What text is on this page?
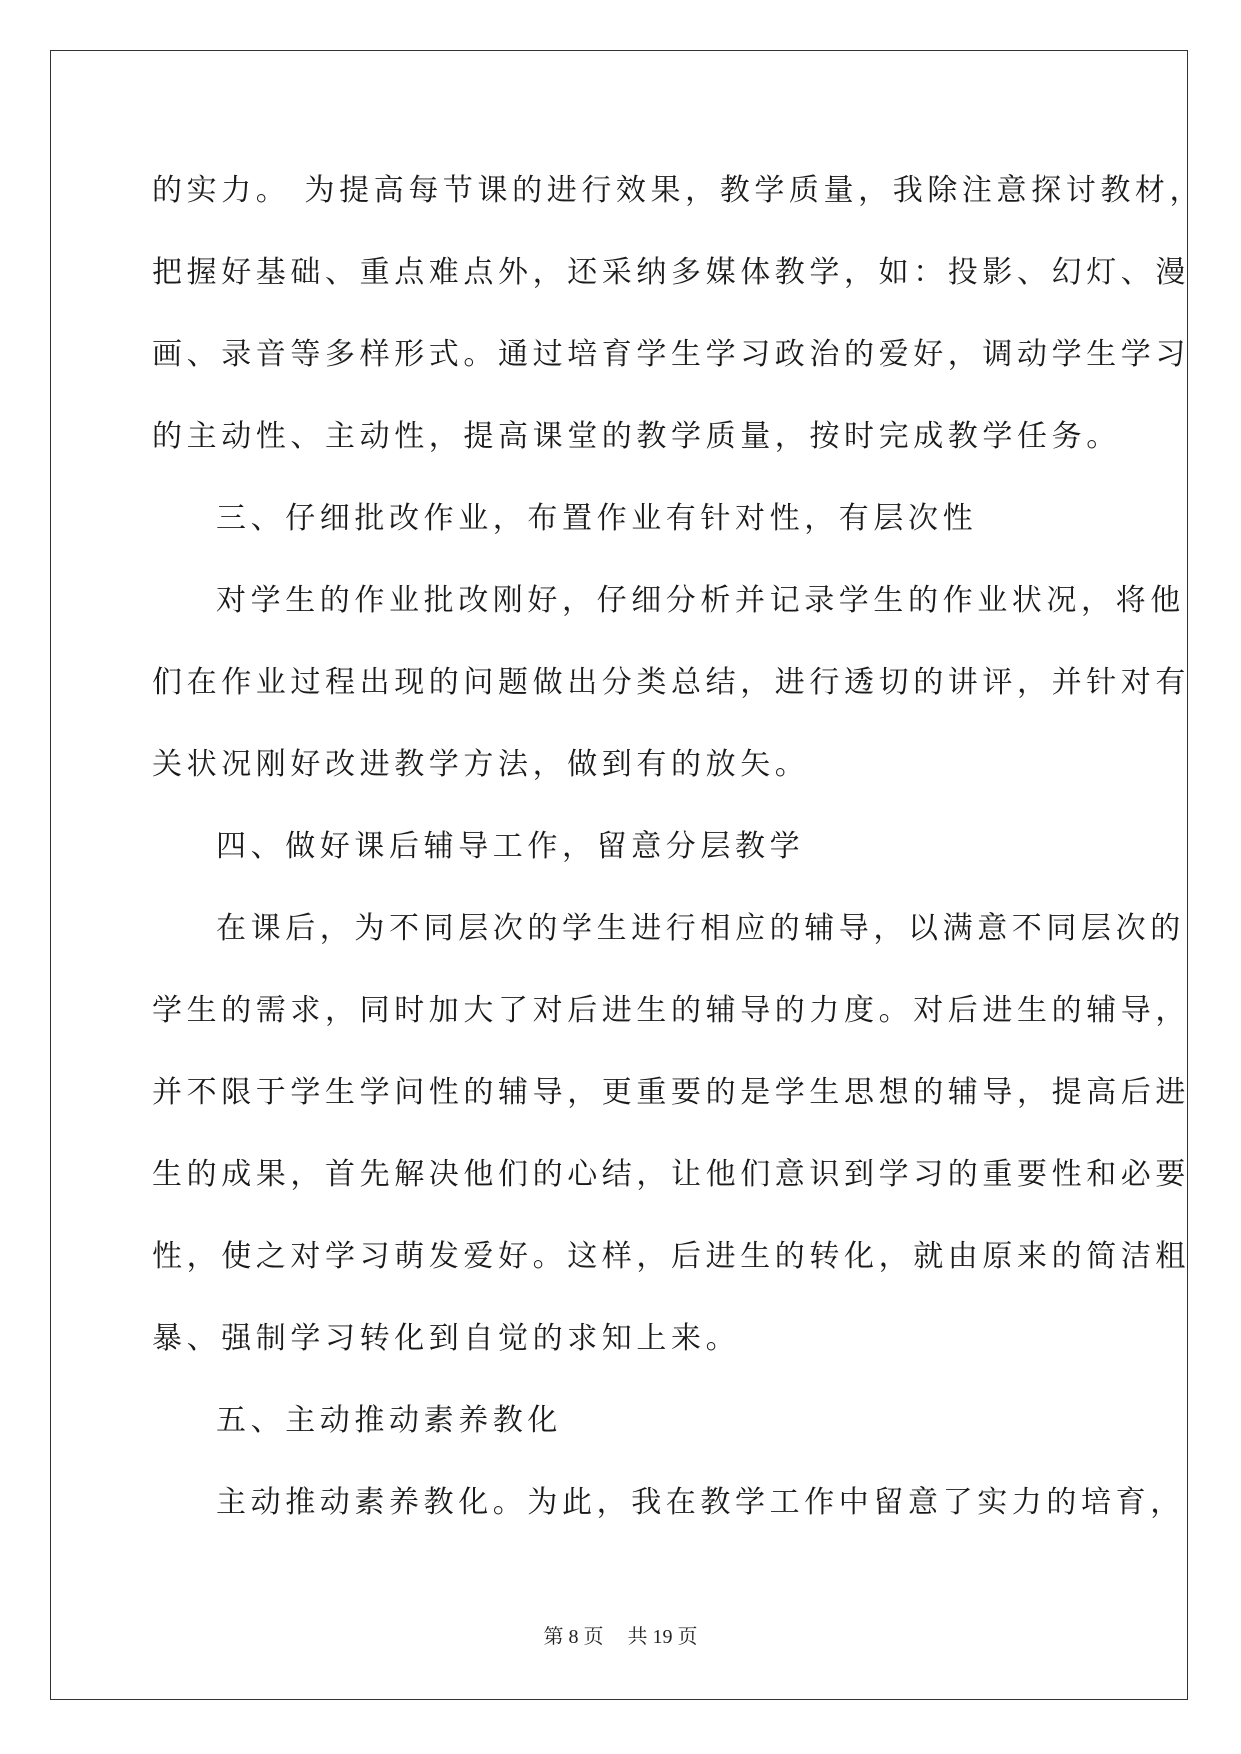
的实力。 为提高每节课的进行效果，教学质量，我除注意探讨教材，
把握好基础、重点难点外，还采纳多媒体教学，如：投影、幻灯、漫
画、录音等多样形式。通过培育学生学习政治的爱好，调动学生学习
的主动性、主动性，提高课堂的教学质量，按时完成教学任务。
三、仔细批改作业，布置作业有针对性，有层次性
对学生的作业批改刚好，仔细分析并记录学生的作业状况，将他
们在作业过程出现的问题做出分类总结，进行透切的讲评，并针对有
关状况刚好改进教学方法，做到有的放矢。
四、做好课后辅导工作，留意分层教学
在课后，为不同层次的学生进行相应的辅导，以满意不同层次的
学生的需求，同时加大了对后进生的辅导的力度。对后进生的辅导，
并不限于学生学问性的辅导，更重要的是学生思想的辅导，提高后进
生的成果，首先解决他们的心结，让他们意识到学习的重要性和必要
性，使之对学习萌发爱好。这样，后进生的转化，就由原来的简洁粗
暴、强制学习转化到自觉的求知上来。
五、主动推动素养教化
主动推动素养教化。为此，我在教学工作中留意了实力的培育，
第 8 页 共 19 页
